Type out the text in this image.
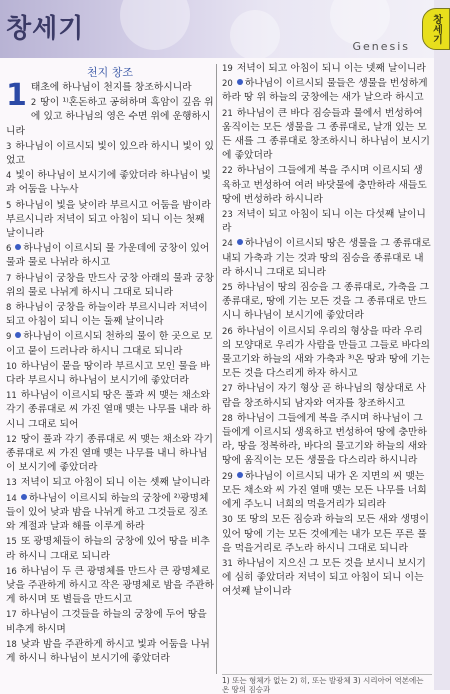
창세기
Genesis
창세기
천지 창조
1 태초에 하나님이 천지를 창조하시니라
2 땅이 ¹⁾혼돈하고 공허하며 흑암이 깊음 위에 있고 하나님의 영은 수면 위에 운행하시니라
3 하나님이 이르시되 빛이 있으라 하시니 빛이 있었고
4 빛이 하나님이 보시기에 좋았더라 하나님이 빛과 어둠을 나누사
5 하나님이 빛을 낮이라 부르시고 어둠을 밤이라 부르시니라 저녁이 되고 아침이 되니 이는 첫째 날이니라
6 하나님이 이르시되 물 가운데에 궁창이 있어 물과 물로 나뉘라 하시고
7 하나님이 궁창을 만드사 궁창 아래의 물과 궁창 위의 물로 나뉘게 하시니 그대로 되니라
8 하나님이 궁창을 하늘이라 부르시니라 저녁이 되고 아침이 되니 이는 둘째 날이니라
9 하나님이 이르시되 천하의 물이 한 곳으로 모이고 뭍이 드러나라 하시니 그대로 되니라
10 하나님이 뭍을 땅이라 부르시고 모인 물을 바다라 부르시니 하나님이 보시기에 좋았더라
11 하나님이 이르시되 땅은 풀과 씨 맺는 채소와 각기 종류대로 씨 가진 열매 맺는 나무를 내라 하시니 그대로 되어
12 땅이 풀과 각기 종류대로 씨 맺는 채소와 각기 종류대로 씨 가진 열매 맺는 나무를 내니 하나님이 보시기에 좋았더라
13 저녁이 되고 아침이 되니 이는 셋째 날이니라
14 하나님이 이르시되 하늘의 궁창에 ²⁾광명체들이 있어 낮과 밤을 나뉘게 하고 그것들로 징조와 계절과 날과 해를 이루게 하라
15 또 광명체들이 하늘의 궁창에 있어 땅을 비추라 하시니 그대로 되니라
16 하나님이 두 큰 광명체를 만드사 큰 광명체로 낮을 주관하게 하시고 작은 광명체로 밤을 주관하게 하시며 또 별들을 만드시고
17 하나님이 그것들을 하늘의 궁창에 두어 땅을 비추게 하시며
18 낮과 밤을 주관하게 하시고 빛과 어둠을 나뉘게 하시니 하나님이 보시기에 좋았더라
19 저녁이 되고 아침이 되니 이는 넷째 날이니라
20 하나님이 이르시되 물들은 생물을 번성하게 하라 땅 위 하늘의 궁창에는 새가 날으라 하시고
21 하나님이 큰 바다 짐승들과 물에서 번성하여 움직이는 모든 생물을 그 종류대로, 날개 있는 모든 새를 그 종류대로 창조하시니 하나님이 보시기에 좋았더라
22 하나님이 그들에게 복을 주시며 이르시되 생육하고 번성하여 여러 바닷물에 충만하라 새들도 땅에 번성하라 하시니라
23 저녁이 되고 아침이 되니 이는 다섯째 날이니라
24 하나님이 이르시되 땅은 생물을 그 종류대로 내되 가축과 기는 것과 땅의 짐승을 종류대로 내라 하시니 그대로 되니라
25 하나님이 땅의 짐승을 그 종류대로, 가축을 그 종류대로, 땅에 기는 모든 것을 그 종류대로 만드시니 하나님이 보시기에 좋았더라
26 하나님이 이르시되 우리의 형상을 따라 우리의 모양대로 우리가 사람을 만들고 그들로 바다의 물고기와 하늘의 새와 가축과 ³⁾온 땅과 땅에 기는 모든 것을 다스리게 하자 하시고
27 하나님이 자기 형상 곧 하나님의 형상대로 사람을 창조하시되 남자와 여자를 창조하시고
28 하나님이 그들에게 복을 주시며 하나님이 그들에게 이르시되 생육하고 번성하여 땅에 충만하라, 땅을 정복하라, 바다의 물고기와 하늘의 새와 땅에 움직이는 모든 생물을 다스리라 하시니라
29 하나님이 이르시되 내가 온 지면의 씨 맺는 모든 채소와 씨 가진 열매 맺는 모든 나무를 너희에게 주노니 너희의 먹을거리가 되리라
30 또 땅의 모든 짐승과 하늘의 모든 새와 생명이 있어 땅에 기는 모든 것에게는 내가 모든 푸른 풀을 먹을거리로 주노라 하시니 그대로 되니라
31 하나님이 지으신 그 모든 것을 보시니 보시기에 심히 좋았더라 저녁이 되고 아침이 되니 이는 여섯째 날이니라
1) 또는 형체가 없는 2) 히, 또는 발광체 3) 시리아어 역본에는 온 땅의 짐승과
